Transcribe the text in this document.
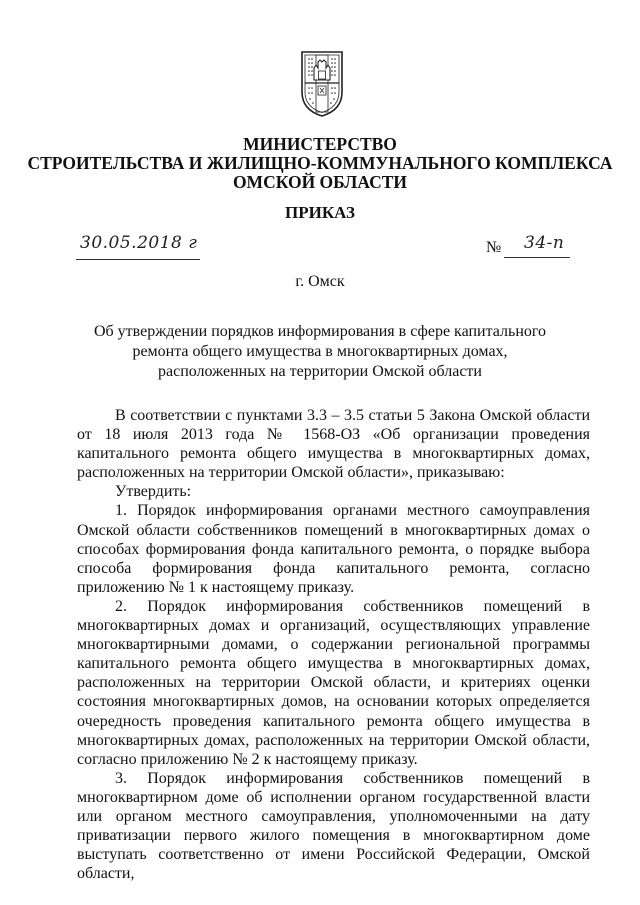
МИНИСТЕРСТВО

СТРОИТЕЛЬСТВА И ЖИЛИЩНО-КОММУНАЛЬНОГО КОМПЛЕКСА

ОМСКОЙ ОБЛАСТИ

ПРИКАЗ

30.05.2018 г	№ 34-п
г. Омск

Об утверждении порядков информирования в сфере капитального ремонта общего имущества в многоквартирных домах, расположенных на территории Омской области

В соответствии с пунктами 3.3 – 3.5 статьи 5 Закона Омской области от 18 июля 2013 года № 1568-ОЗ «Об организации проведения капитального ремонта общего имущества в многоквартирных домах, расположенных на территории Омской области», приказываю:

Утвердить:

1. Порядок информирования органами местного самоуправления Омской области собственников помещений в многоквартирных домах о способах формирования фонда капитального ремонта, о порядке выбора способа формирования фонда капитального ремонта, согласно приложению № 1 к настоящему приказу.

2. Порядок информирования собственников помещений в многоквартирных домах и организаций, осуществляющих управление многоквартирными домами, о содержании региональной программы капитального ремонта общего имущества в многоквартирных домах, расположенных на территории Омской области, и критериях оценки состояния многоквартирных домов, на основании которых определяется очередность проведения капитального ремонта общего имущества в многоквартирных домах, расположенных на территории Омской области, согласно приложению № 2 к настоящему приказу.

3. Порядок информирования собственников помещений в многоквартирном доме об исполнении органом государственной власти или органом местного самоуправления, уполномоченными на дату приватизации первого жилого помещения в многоквартирном доме выступать соответственно от имени Российской Федерации, Омской области,
